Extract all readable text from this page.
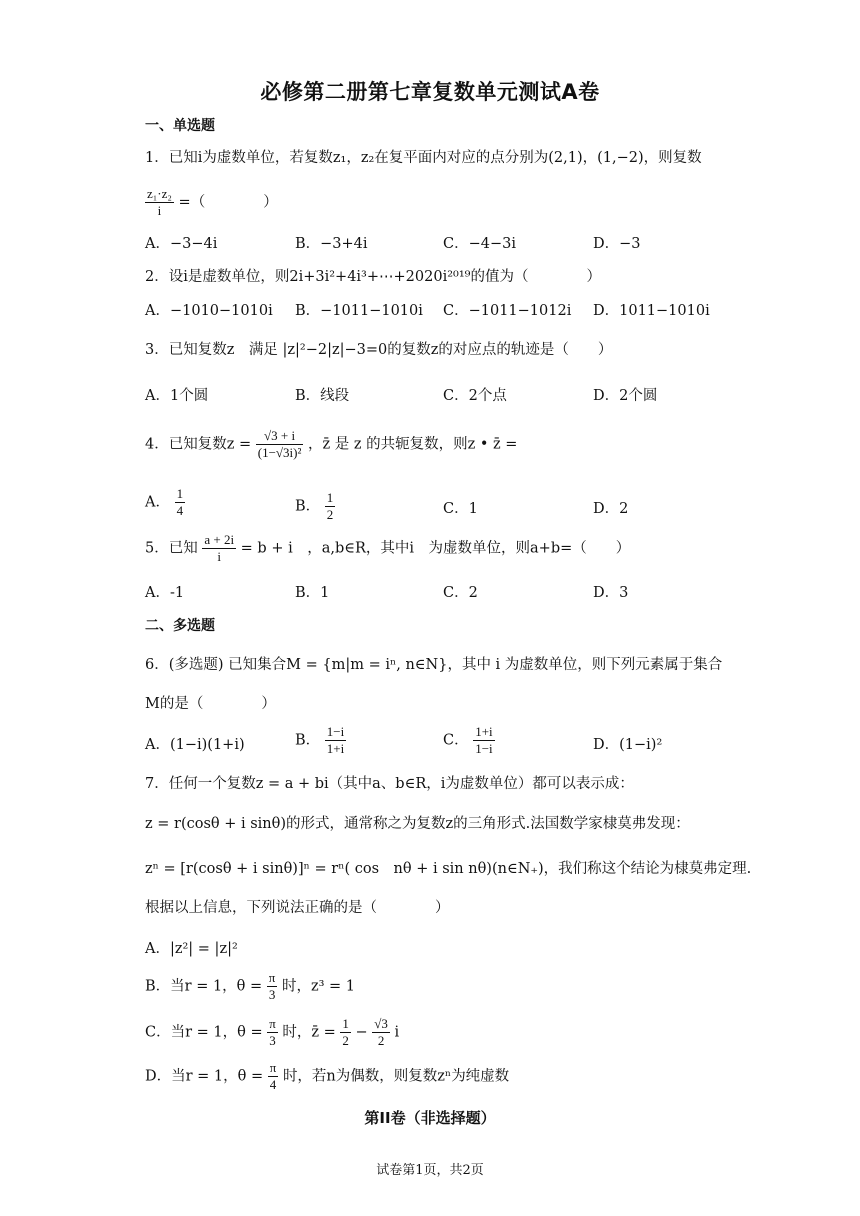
必修第二册第七章复数单元测试A卷
一、单选题
1．已知i为虚数单位，若复数z₁，z₂在复平面内对应的点分别为(2,1)，(1,−2)，则复数
$\frac{\text{z₁·z₂}}{i}$ =（　　　　）
A．−3−4i	B．−3+4i	C．−4−3i	D．−3
2．设i是虚数单位，则2i+3i²+4i³+⋯+2020i²⁰¹⁹的值为（　　　　）
A．−1010−1010i B．−1011−1010i C．−1011−1012i D．1011−1010i
3．已知复数z　满足 |z|²−2|z|−3=0的复数z的对应点的轨迹是（　　）
A．1个圆	B．线段	C．2个点	D．2个圆
4．已知复数$z = \frac{√3 + i}{\text{(1−√3i)²}}$ ，z̄ 是 z 的共轭复数，则z • z̄ =
A． $\frac{1}{4}$	B． $\frac{1}{2}$	C．1	D．2
5．已知 $\frac{a + 2i}{i} = b + i$　，a,b∈R，其中i　为虚数单位，则a+b=（　　）
A．-1	B．1	C．2	D．3
二、多选题
6．(多选题) 已知集合M = {m|m = iⁿ, n∈N}，其中 i 为虚数单位，则下列元素属于集合
M的是（　　　　）
A．(1−i)(1+i)	B． $\frac{1-i}{1+i}$	C． $\frac{1+i}{1-i}$	D．(1−i)²
7．任何一个复数z = a + bi（其中a、b∈R，i为虚数单位）都可以表示成：
z = r(cosθ + i sinθ)的形式，通常称之为复数z的三角形式.法国数学家棣莫弗发现：
zⁿ = [r(cosθ + i sinθ)]ⁿ = rⁿ( cos　nθ + i sin nθ)(n∈N₊)，我们称这个结论为棣莫弗定理.
根据以上信息，下列说法正确的是（　　　　）
A．|z²| = |z|²
B．当r = 1，$\theta = \frac{\pi}{3}$ 时，z³ = 1
C．当r = 1，$\theta = \frac{\pi}{3}$ 时，z̄ = $\frac{1}{2} - \frac{√3}{2}$ i
D．当r = 1，$\theta = \frac{\pi}{4}$ 时，若n为偶数，则复数zⁿ为纯虚数
第II卷（非选择题）
试卷第1页，共2页
